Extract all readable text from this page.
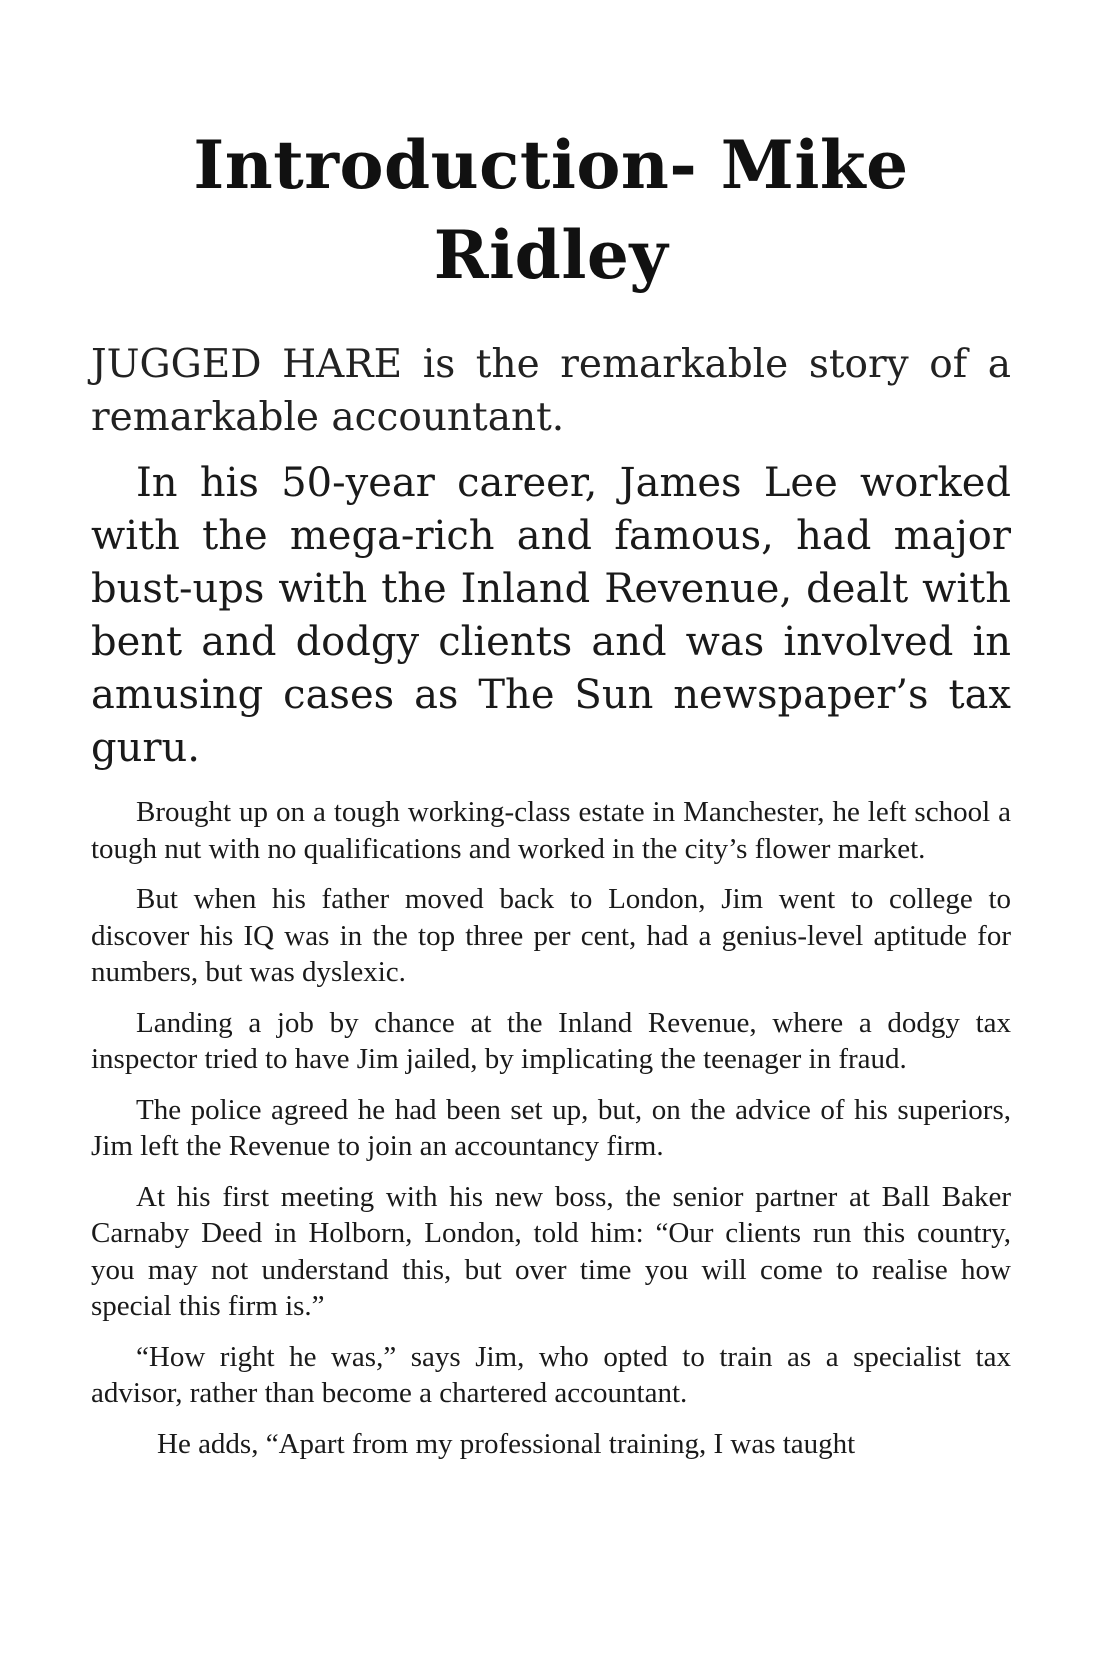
Introduction- Mike Ridley

JUGGED HARE is the remarkable story of a remarkable accountant.

In his 50-year career, James Lee worked with the mega-rich and famous, had major bust-ups with the Inland Revenue, dealt with bent and dodgy clients and was involved in amusing cases as The Sun newspaper’s tax guru.

Brought up on a tough working-class estate in Manchester, he left school a tough nut with no qualifications and worked in the city’s flower market.

But when his father moved back to London, Jim went to college to discover his IQ was in the top three per cent, had a genius-level aptitude for numbers, but was dyslexic.

Landing a job by chance at the Inland Revenue, where a dodgy tax inspector tried to have Jim jailed, by implicating the teenager in fraud.

The police agreed he had been set up, but, on the advice of his superiors, Jim left the Revenue to join an accountancy firm.

At his first meeting with his new boss, the senior partner at Ball Baker Carnaby Deed in Holborn, London, told him: “Our clients run this country, you may not understand this, but over time you will come to realise how special this firm is.”

“How right he was,” says Jim, who opted to train as a specialist tax advisor, rather than become a chartered accountant.

He adds, “Apart from my professional training, I was taught
